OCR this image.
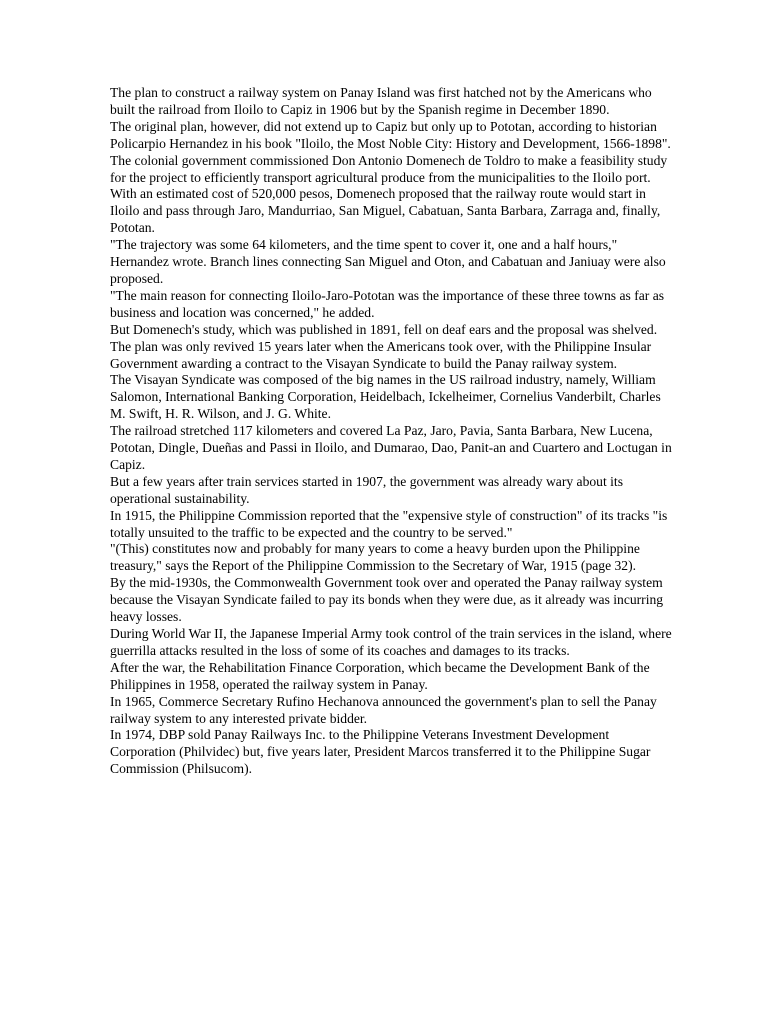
The plan to construct a railway system on Panay Island was first hatched not by the Americans who built the railroad from Iloilo to Capiz in 1906 but by the Spanish regime in December 1890.

The original plan, however, did not extend up to Capiz but only up to Pototan, according to historian Policarpio Hernandez in his book "Iloilo, the Most Noble City: History and Development, 1566-1898".

The colonial government commissioned Don Antonio Domenech de Toldro to make a feasibility study for the project to efficiently transport agricultural produce from the municipalities to the Iloilo port.

With an estimated cost of 520,000 pesos, Domenech proposed that the railway route would start in Iloilo and pass through Jaro, Mandurriao, San Miguel, Cabatuan, Santa Barbara, Zarraga and, finally, Pototan.

"The trajectory was some 64 kilometers, and the time spent to cover it, one and a half hours," Hernandez wrote. Branch lines connecting San Miguel and Oton, and Cabatuan and Janiuay were also proposed.

"The main reason for connecting Iloilo-Jaro-Pototan was the importance of these three towns as far as business and location was concerned," he added.

But Domenech's study, which was published in 1891, fell on deaf ears and the proposal was shelved.

The plan was only revived 15 years later when the Americans took over, with the Philippine Insular Government awarding a contract to the Visayan Syndicate to build the Panay railway system.

The Visayan Syndicate was composed of the big names in the US railroad industry, namely, William Salomon, International Banking Corporation, Heidelbach, Ickelheimer, Cornelius Vanderbilt, Charles M. Swift, H. R. Wilson, and J. G. White.

The railroad stretched 117 kilometers and covered La Paz, Jaro, Pavia, Santa Barbara, New Lucena, Pototan, Dingle, Dueñas and Passi in Iloilo, and Dumarao, Dao, Panit-an and Cuartero and Loctugan in Capiz.

But a few years after train services started in 1907, the government was already wary about its operational sustainability.

In 1915, the Philippine Commission reported that the "expensive style of construction" of its tracks "is totally unsuited to the traffic to be expected and the country to be served."

"(This) constitutes now and probably for many years to come a heavy burden upon the Philippine treasury," says the Report of the Philippine Commission to the Secretary of War, 1915 (page 32).

By the mid-1930s, the Commonwealth Government took over and operated the Panay railway system because the Visayan Syndicate failed to pay its bonds when they were due, as it already was incurring heavy losses.

During World War II, the Japanese Imperial Army took control of the train services in the island, where guerrilla attacks resulted in the loss of some of its coaches and damages to its tracks.

After the war, the Rehabilitation Finance Corporation, which became the Development Bank of the Philippines in 1958, operated the railway system in Panay.

In 1965, Commerce Secretary Rufino Hechanova announced the government's plan to sell the Panay railway system to any interested private bidder.

In 1974, DBP sold Panay Railways Inc. to the Philippine Veterans Investment Development Corporation (Philvidec) but, five years later, President Marcos transferred it to the Philippine Sugar Commission (Philsucom).
